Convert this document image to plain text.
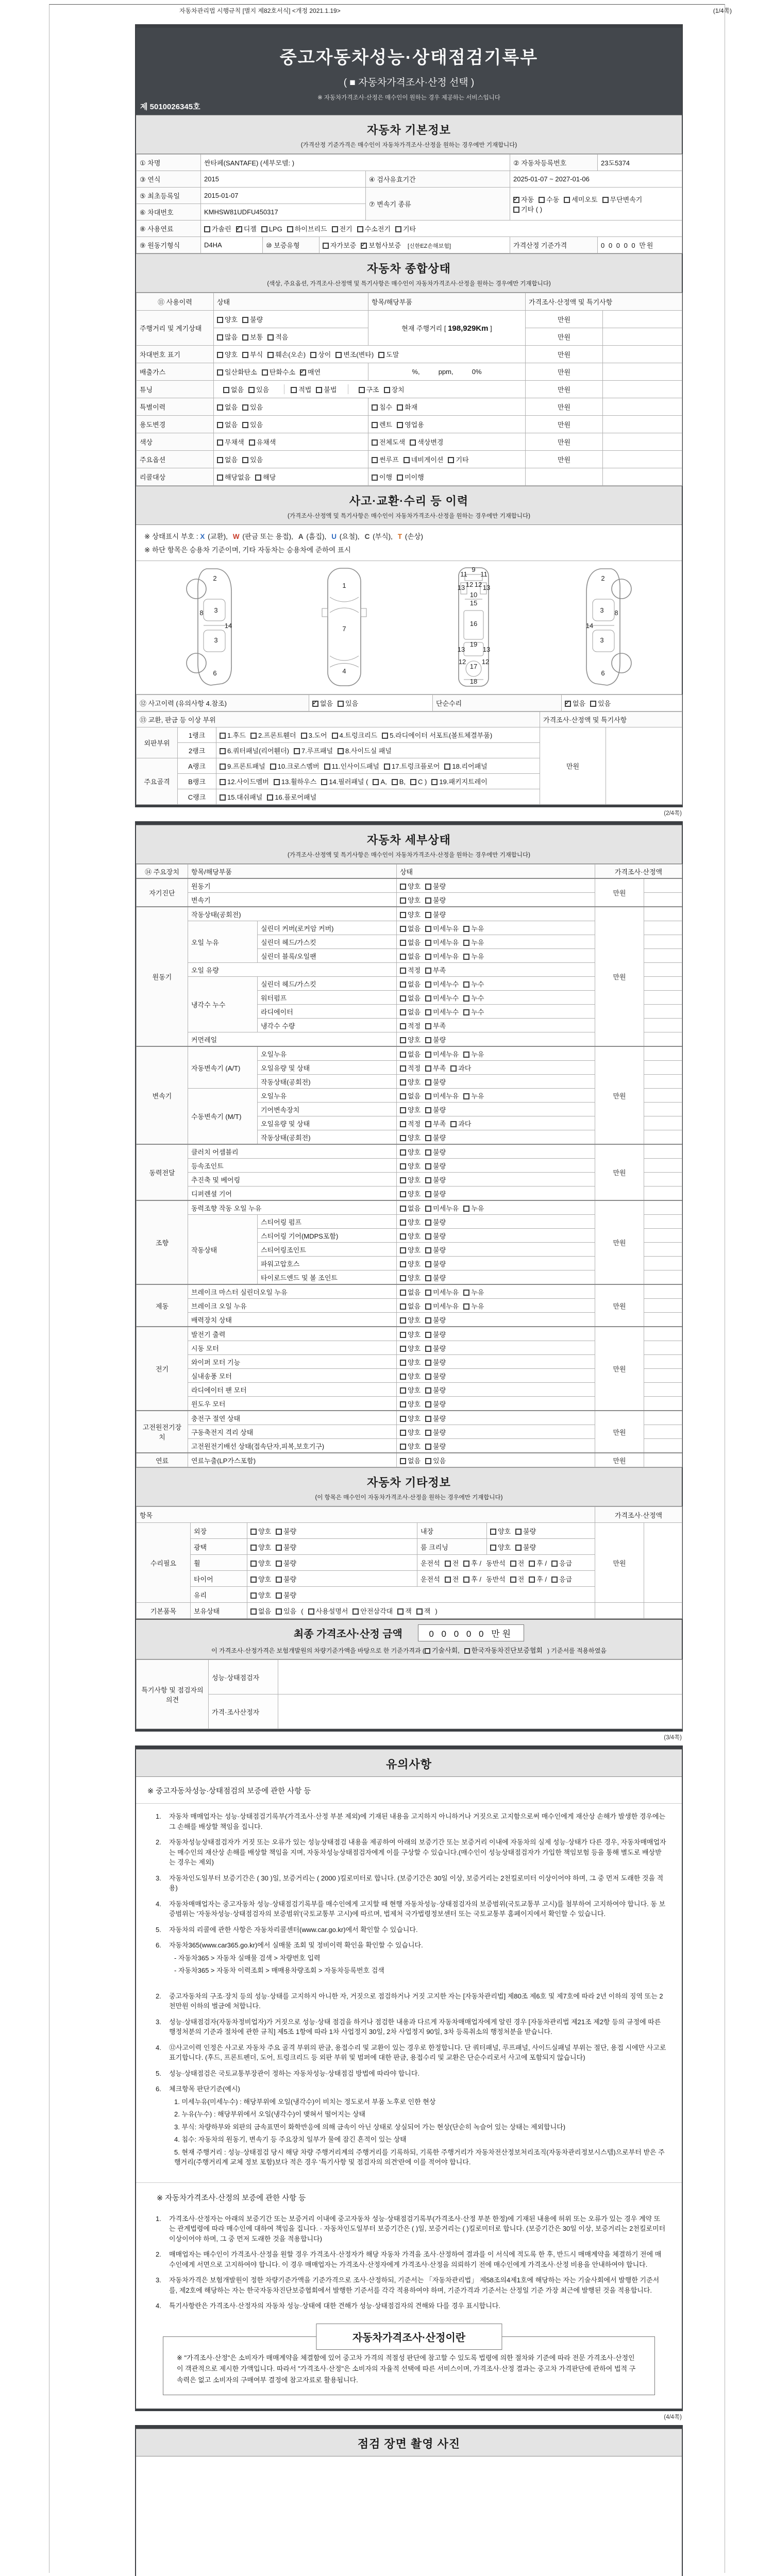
자동차관리법 시행규칙 [별지 제82호서식] <개정 2021.1.19>	(1/4쪽)
중고자동차성능·상태점검기록부
( ■ 자동차가격조사·산정 선택 )
※ 자동차가격조사·산정은 매수인이 원하는 경우 제공하는 서비스입니다
제 5010026345호
자동차 기본정보
(가격산정 기준가격은 매수인이 자동차가격조사·산정을 원하는 경우에만 기재합니다)
① 차명	싼타페(SANTAFE) (세부모델: )				② 자동차등록번호	23도5374
③ 연식	2015			④ 검사유효기간	2025-01-07 ~ 2027-01-06	
⑤ 최초등록일	2015-01-07			⑦ 변속기 종류	✓자동 수동 세미오토 무단변속기기타 ( )
⑥ 차대번호	KMHSW81UDFU450317					
⑧ 사용연료	가솔린 ✓ 디젤 LPG 하이브리드 전기 수소전기 기타
⑨ 원동기형식	D4HA	⑩ 보증유형	자가보증 ✓ 보험사보증 [신한EZ손해보험]		가격산정 기준가격	0 0 0 0 0 만원
자동차 종합상태
(색상, 주요옵션, 가격조사·산정액 및 특기사항은 매수인이 자동차가격조사·산정을 원하는 경우에만 기재합니다)
⑪ 사용이력	상태	항목/해당부품	가격조사·산정액 및 특기사항	
주행거리 및 계기상태	양호 불량	현재 주행거리 [ 198,929Km ]	만원	
	많음 보통 적음		만원	
차대번호 표기	양호 부식 훼손(오손) 상이 변조(변타) 도말		만원	
배출가스	일산화탄소 탄화수소 ✓ 매연	%,          ppm,          0%	만원	
튜닝	없음 있음 적법 불법 구조 장치		만원	
특별이력	없음 있음	침수 화재	만원	
용도변경	없음 있음	렌트 영업용	만원	
색상	무채색 유채색	전체도색 색상변경	만원	
주요옵션	없음 있음	썬루프 네비게이션 기타	만원	
리콜대상	해당없음 해당	이행 미이행		
사고·교환·수리 등 이력
(가격조사·산정액 및 특기사항은 매수인이 자동차가격조사·산정을 원하는 경우에만 기재합니다)
※ 상태표시 부호 : X (교환), W (판금 또는 용접), A (흠집), U (요철), C (부식), T (손상)
※ 하단 항목은 승용차 기준이며, 기타 자동차는 승용차에 준하여 표시
2
8 3
14
3
6
1
7
4
11
9
11
13 12 12 13
10
15
16
19
13	13
12 12
17
18
2
8
3
14
3
6
⑫ 사고이력 (유의사항 4.참조)	✓없음 있음	단순수리	✓없음 있음
⑬ 교환, 판금 등 이상 부위			가격조사·산정액 및 특기사항	
외판부위	1랭크	1.후드 2.프론트휀더 3.도어 4.트렁크리드 5.라디에이터 서포트(볼트체결부품)	만원	
	2랭크	6.쿼터패널(리어휀더) 7.루프패널 8.사이드실 패널		
주요골격	A랭크	9.프론트패널 10.크로스멤버 11.인사이드패널 17.트렁크플로어 18.리어패널		
	B랭크	12.사이드멤버 13.휠하우스 14.필러패널 ( A, B, C ) 19.패키지트레이		
	C랭크	15.대쉬패널 16.플로어패널		
(2/4쪽)
자동차 세부상태
(가격조사·산정액 및 특기사항은 매수인이 자동차가격조사·산정을 원하는 경우에만 기재합니다)
⑭ 주요장치	항목/해당부품		상태	가격조사·산정액	
자기진단	원동기		양호 불량	만원	
	변속기		양호 불량		
원동기	작동상태(공회전)		양호 불량	만원	
	오일 누유	실린더 커버(로커암 커버)	없음 미세누유 누유		
		실린더 헤드/가스킷	없음 미세누유 누유		
		실린더 블록/오일팬	없음 미세누유 누유		
	오일 유량		적정 부족		
	냉각수 누수	실린더 헤드/가스킷	없음 미세누수 누수		
		워터펌프	없음 미세누수 누수		
		라디에이터	없음 미세누수 누수		
		냉각수 수량	적정 부족		
	커먼레일		양호 불량		
변속기	자동변속기 (A/T)	오일누유	없음 미세누유 누유	만원	
		오일유량 및 상태	적정 부족 과다		
		작동상태(공회전)	양호 불량		
	수동변속기 (M/T)	오일누유	없음 미세누유 누유		
		기어변속장치	양호 불량		
		오일유량 및 상태	적정 부족 과다		
		작동상태(공회전)	양호 불량		
동력전달	클러치 어셈블리		양호 불량	만원	
	등속조인트		양호 불량		
	추진축 및 베어링		양호 불량		
	디퍼렌셜 기어		양호 불량		
조향	동력조향 작동 오일 누유		없음 미세누유 누유	만원	
	작동상태	스티어링 펌프	양호 불량		
		스티어링 기어(MDPS포함)	양호 불량		
		스티어링조인트	양호 불량		
		파워고압호스	양호 불량		
		타이로드엔드 및 볼 조인트	양호 불량		
제동	브레이크 마스터 실린더오일 누유		없음 미세누유 누유	만원	
	브레이크 오일 누유		없음 미세누유 누유		
	배력장치 상태		양호 불량		
전기	발전기 출력		양호 불량	만원	
	시동 모터		양호 불량		
	와이퍼 모터 기능		양호 불량		
	실내송풍 모터		양호 불량		
	라디에이터 팬 모터		양호 불량		
	윈도우 모터		양호 불량		
고전원전기장치	충전구 절연 상태		양호 불량	만원	
	구동축전지 격리 상태		양호 불량		
	고전원전기배선 상태(접속단자,피복,보호기구)		양호 불량		
연료	연료누출(LP가스포함)		없음 있음	만원	
자동차 기타정보
(이 항목은 매수인이 자동차가격조사·산정을 원하는 경우에만 기재합니다)
항목					가격조사·산정액	
수리필요	외장	양호 불량	내장	양호 불량	만원	
	광택	양호 불량	룸 크리닝	양호 불량		
	휠	양호 불량	운전석 전 후 / 동반석 전 후 / 응급			
	타이어	양호 불량	운전석 전 후 / 동반석 전 후 / 응급			
	유리	양호 불량				
기본품목	보유상태	없음 있음 ( 사용설명서 안전삼각대 잭 잭 )				
최종 가격조사·산정 금액	0 0 0 0 0 만원
이 가격조사·산정가격은 보험개발원의 차량기준가액을 바탕으로 한 기준가격과 ( 기술사회, 한국자동차진단보증협회 ) 기준서를 적용하였음
특기사항 및 점검자의 의견	성능·상태점검자	
	가격·조사산정자	
(3/4쪽)
유의사항
※ 중고자동차성능·상태점검의 보증에 관한 사항 등
1.	자동차 매매업자는 성능·상태점검기록부(가격조사·산정 부분 제외)에 기재된 내용을 고지하지 아니하거나 거짓으로 고지함으로써 매수인에게 재산상 손해가 발생한 경우에는 그 손해를 배상할 책임을 집니다.
2.	자동차성능상태점검자가 거짓 또는 오류가 있는 성능상태점검 내용을 제공하여 아래의 보증기간 또는 보증거리 이내에 자동차의 실제 성능·상태가 다른 경우, 자동차매매업자는 매수인의 재산상 손해를 배상할 책임을 지며, 자동차성능상태점검자에게 이를 구상할 수 있습니다.(매수인이 성능상태점검자가 가입한 책임보험 등을 통해 별도로 배상받는 경우는 제외)
3.	자동차인도일부터 보증기간은 ( 30 )일, 보증거리는 ( 2000 )킬로미터로 합니다. (보증기간은 30일 이상, 보증거리는 2천킬로미터 이상이어야 하며, 그 중 먼저 도래한 것을 적용)
4.	자동차매매업자는 중고자동차 성능·상태점검기록부를 매수인에게 고지할 때 현행 자동차성능·상태점검자의 보증범위(국토교통부 고시)를 첨부하여 고지하여야 합니다. 동 보증범위는 '자동차성능·상태점검자의 보증범위'(국토교통부 고시)에 따르며, 법제처 국가법령정보센터 또는 국토교통부 홈페이지에서 확인할 수 있습니다.
5.	자동차의 리콜에 관한 사항은 자동차리콜센터(www.car.go.kr)에서 확인할 수 있습니다.
6.	자동차365(www.car365.go.kr)에서 실매물 조회 및 정비이력 확인을 확인할 수 있습니다.
- 자동차365 > 자동차 실매물 검색 > 차량번호 입력
- 자동차365 > 자동차 이력조회 > 매매용차량조회 > 자동차등록번호 검색
2.	중고자동차의 구조·장치 등의 성능·상태를 고지하지 아니한 자, 거짓으로 점검하거나 거짓 고지한 자는 [자동차관리법] 제80조 제6호 및 제7호에 따라 2년 이하의 징역 또는 2천만원 이하의 벌금에 처합니다.
3.	성능·상태점검자(자동차정비업자)가 거짓으로 성능·상태 점검을 하거나 점검한 내용과 다르게 자동차매매업자에게 알린 경우 [자동차관리법 제21조 제2항 등의 규정에 따른 행정처분의 기준과 절차에 관한 규칙] 제5조 1항에 따라 1차 사업정지 30일, 2차 사업정지 90일, 3차 등록취소의 행정처분을 받습니다.
4.	⑫사고이력 인정은 사고로 자동차 주요 골격 부위의 판금, 용접수리 및 교환이 있는 경우로 한정합니다. 단 쿼터패널, 루프패널, 사이드실패널 부위는 절단, 용접 시에만 사고로 표기합니다. (후드, 프론트펜더, 도어, 트렁크리드 등 외판 부위 및 범퍼에 대한 판금, 용접수리 및 교환은 단순수리로서 사고에 포함되지 않습니다)
5.	성능·상태점검은 국토교통부장관이 정하는 자동차성능·상태점검 방법에 따라야 합니다.
6.	체크항목 판단기준(예시)
1. 미세누유(미세누수) : 해당부위에 오일(냉각수)이 비치는 정도로서 부품 노후로 인한 현상
2. 누유(누수) : 해당부위에서 오일(냉각수)이 맺혀서 떨어지는 상태
3. 부식: 차량하부와 외판의 금속표면이 화학반응에 의해 금속이 아닌 상태로 상실되어 가는 현상(단순히 녹슬어 있는 상태는 제외합니다)
4. 침수: 자동차의 원동기, 변속기 등 주요장치 일부가 물에 잠긴 흔적이 있는 상태
5. 현재 주행거리 : 성능·상태점검 당시 해당 차량 주행거리계의 주행거리를 기록하되, 기록한 주행거리가 자동차전산정보처리조직(자동차관리정보시스템)으로부터 받은 주행거리(주행거리계 교체 정보 포함)보다 적은 경우 '특기사항 및 점검자의 의견'란에 이를 적어야 합니다.
※ 자동차가격조사·산정의 보증에 관한 사항 등
1.	가격조사·산정자는 아래의 보증기간 또는 보증거리 이내에 중고자동차 성능·상태점검기록부(가격조사·산정 부분 한정)에 기재된 내용에 허위 또는 오류가 있는 경우 계약 또는 관계법령에 따라 매수인에 대하여 책임을 집니다. · 자동차인도일부터 보증기간은 ( )일, 보증거리는 ( )킬로미터로 합니다. (보증기간은 30일 이상, 보증거리는 2천킬로미터 이상이어야 하며, 그 중 먼저 도래한 것을 적용합니다)
2.	매매업자는 매수인이 가격조사·산정을 원할 경우 가격조사·산정자가 해당 자동차 가격을 조사·산정하여 결과를 이 서식에 적도록 한 후, 반드시 매매계약을 체결하기 전에 매수인에게 서면으로 고지하여야 합니다. 이 경우 매매업자는 가격조사·산정자에게 가격조사·산정을 의뢰하기 전에 매수인에게 가격조사·산정 비용을 안내하여야 합니다.
3.	자동차가격은 보험개발원이 정한 차량기준가액을 기준가격으로 조사·산정하되, 기준서는 「자동차관리법」 제58조의4제1호에 해당하는 자는 기술사회에서 발행한 기준서를, 제2호에 해당하는 자는 한국자동차진단보증협회에서 발행한 기준서를 각각 적용하여야 하며, 기준가격과 기준서는 산정일 기준 가장 최근에 발행된 것을 적용합니다.
4.	특기사항란은 가격조사·산정자의 자동차 성능·상태에 대한 견해가 성능·상태점검자의 견해와 다를 경우 표시합니다.
자동차가격조사·산정이란
※ "가격조사·산정"은 소비자가 매매계약을 체결함에 있어 중고차 가격의 적절성 판단에 참고할 수 있도록 법령에 의한 절차와 기준에 따라 전문 가격조사·산정인이 객관적으로 제시한 가액입니다. 따라서 "가격조사·산정"은 소비자의 자율적 선택에 따른 서비스이며, 가격조사·산정 결과는 중고차 가격판단에 관하여 법적 구속력은 없고 소비자의 구매여부 결정에 참고자료로 활용됩니다.
(4/4쪽)
점검 장면 촬영 사진
